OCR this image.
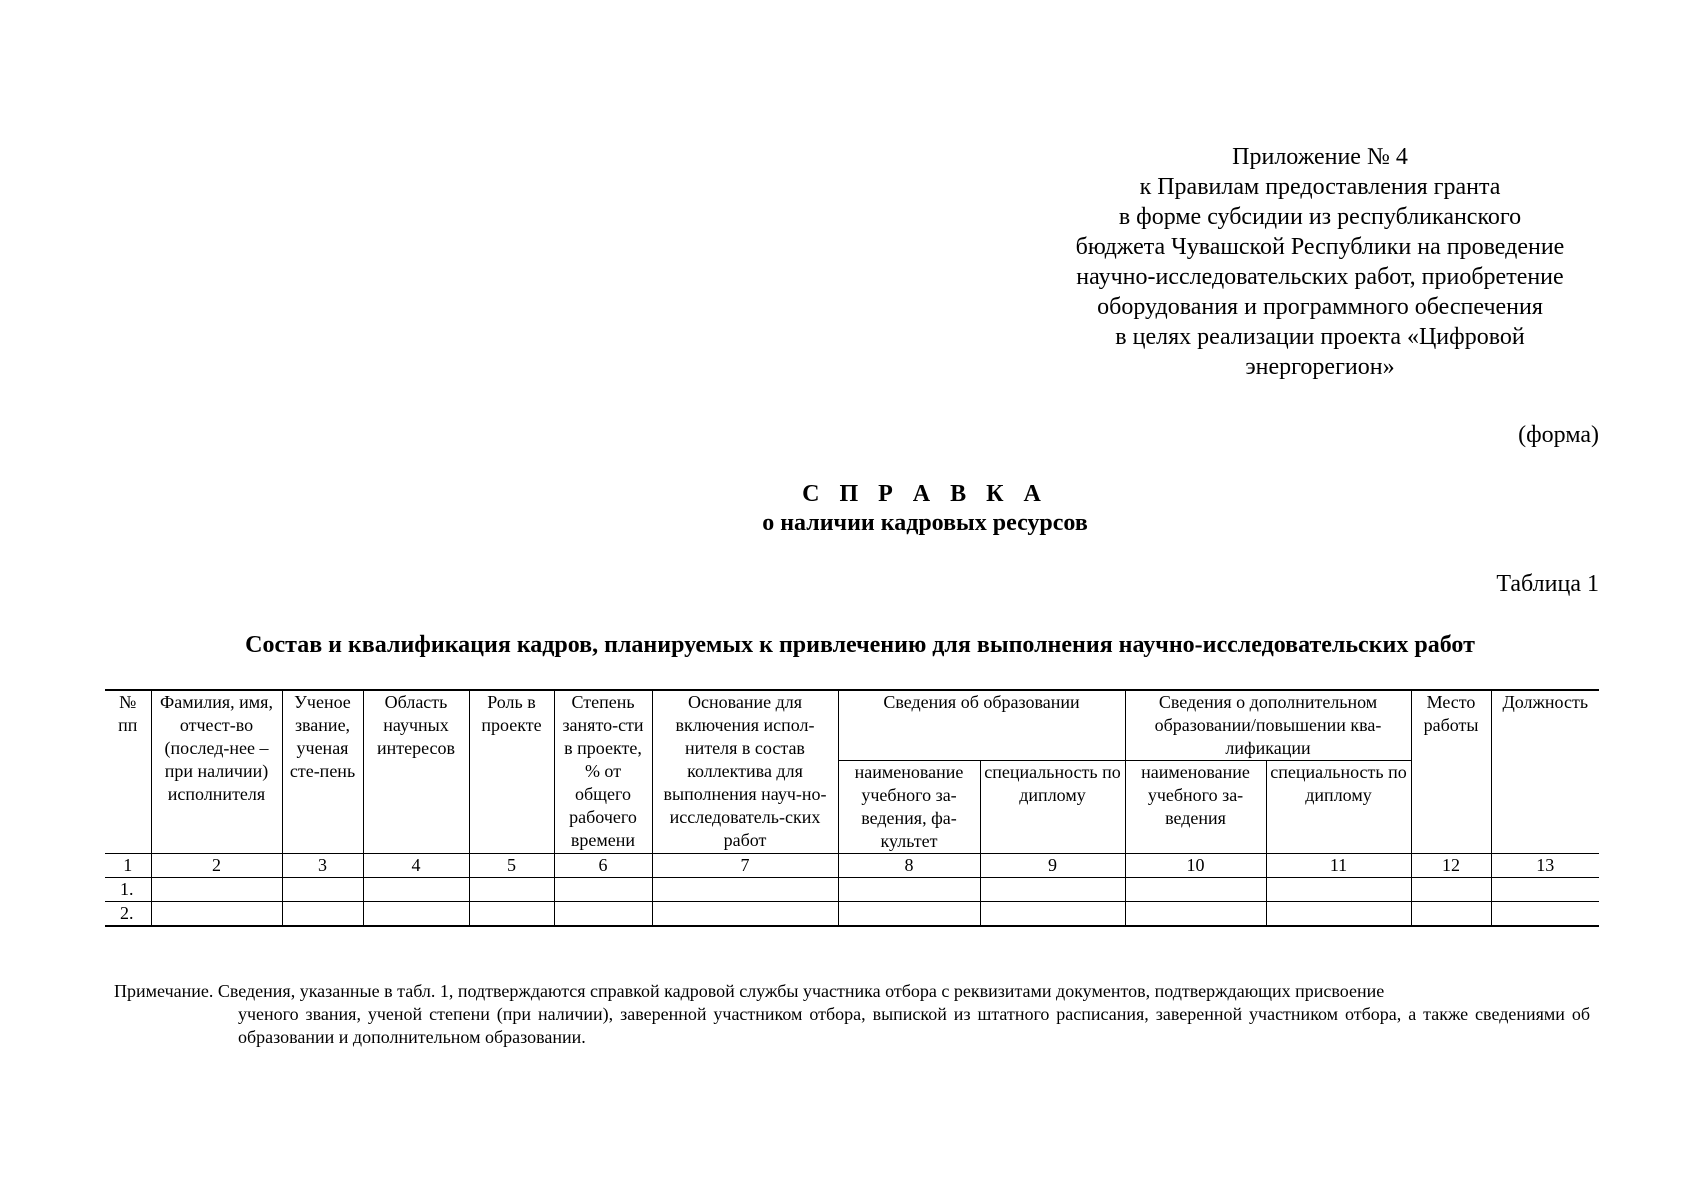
Приложение № 4
к Правилам предоставления гранта
в форме субсидии из республиканского
бюджета Чувашской Республики на проведение
научно-исследовательских работ, приобретение
оборудования и программного обеспечения
в целях реализации проекта «Цифровой
энергорегион»
(форма)
С П Р А В К А
о наличии кадровых ресурсов
Таблица 1
Состав и квалификация кадров, планируемых к привлечению для выполнения научно-исследовательских работ
№ пп	Фамилия, имя, отчест-во (послед-нее – при наличии) исполнителя	Ученое звание, ученая сте-пень	Область научных интересов	Роль в проекте	Степень занято-сти в проекте, % от общего рабочего времени	Основание для включения испол-нителя в состав коллектива для выполнения науч-но-исследователь-ских работ	Сведения об образовании		Сведения о дополнительном образовании/повышении ква-лификации		Место работы	Должность
							наименование учебного за-ведения, фа-культет	специальность по диплому	наименование учебного за-ведения	специальность по диплому		
1	2	3	4	5	6	7	8	9	10	11	12	13
1.												
2.												
Примечание. Сведения, указанные в табл. 1, подтверждаются справкой кадровой службы участника отбора с реквизитами документов, подтверждающих присвоение
ученого звания, ученой степени (при наличии), заверенной участником отбора, выпиской из штатного расписания, заверенной участником отбора, а также сведениями об образовании и дополнительном образовании.
